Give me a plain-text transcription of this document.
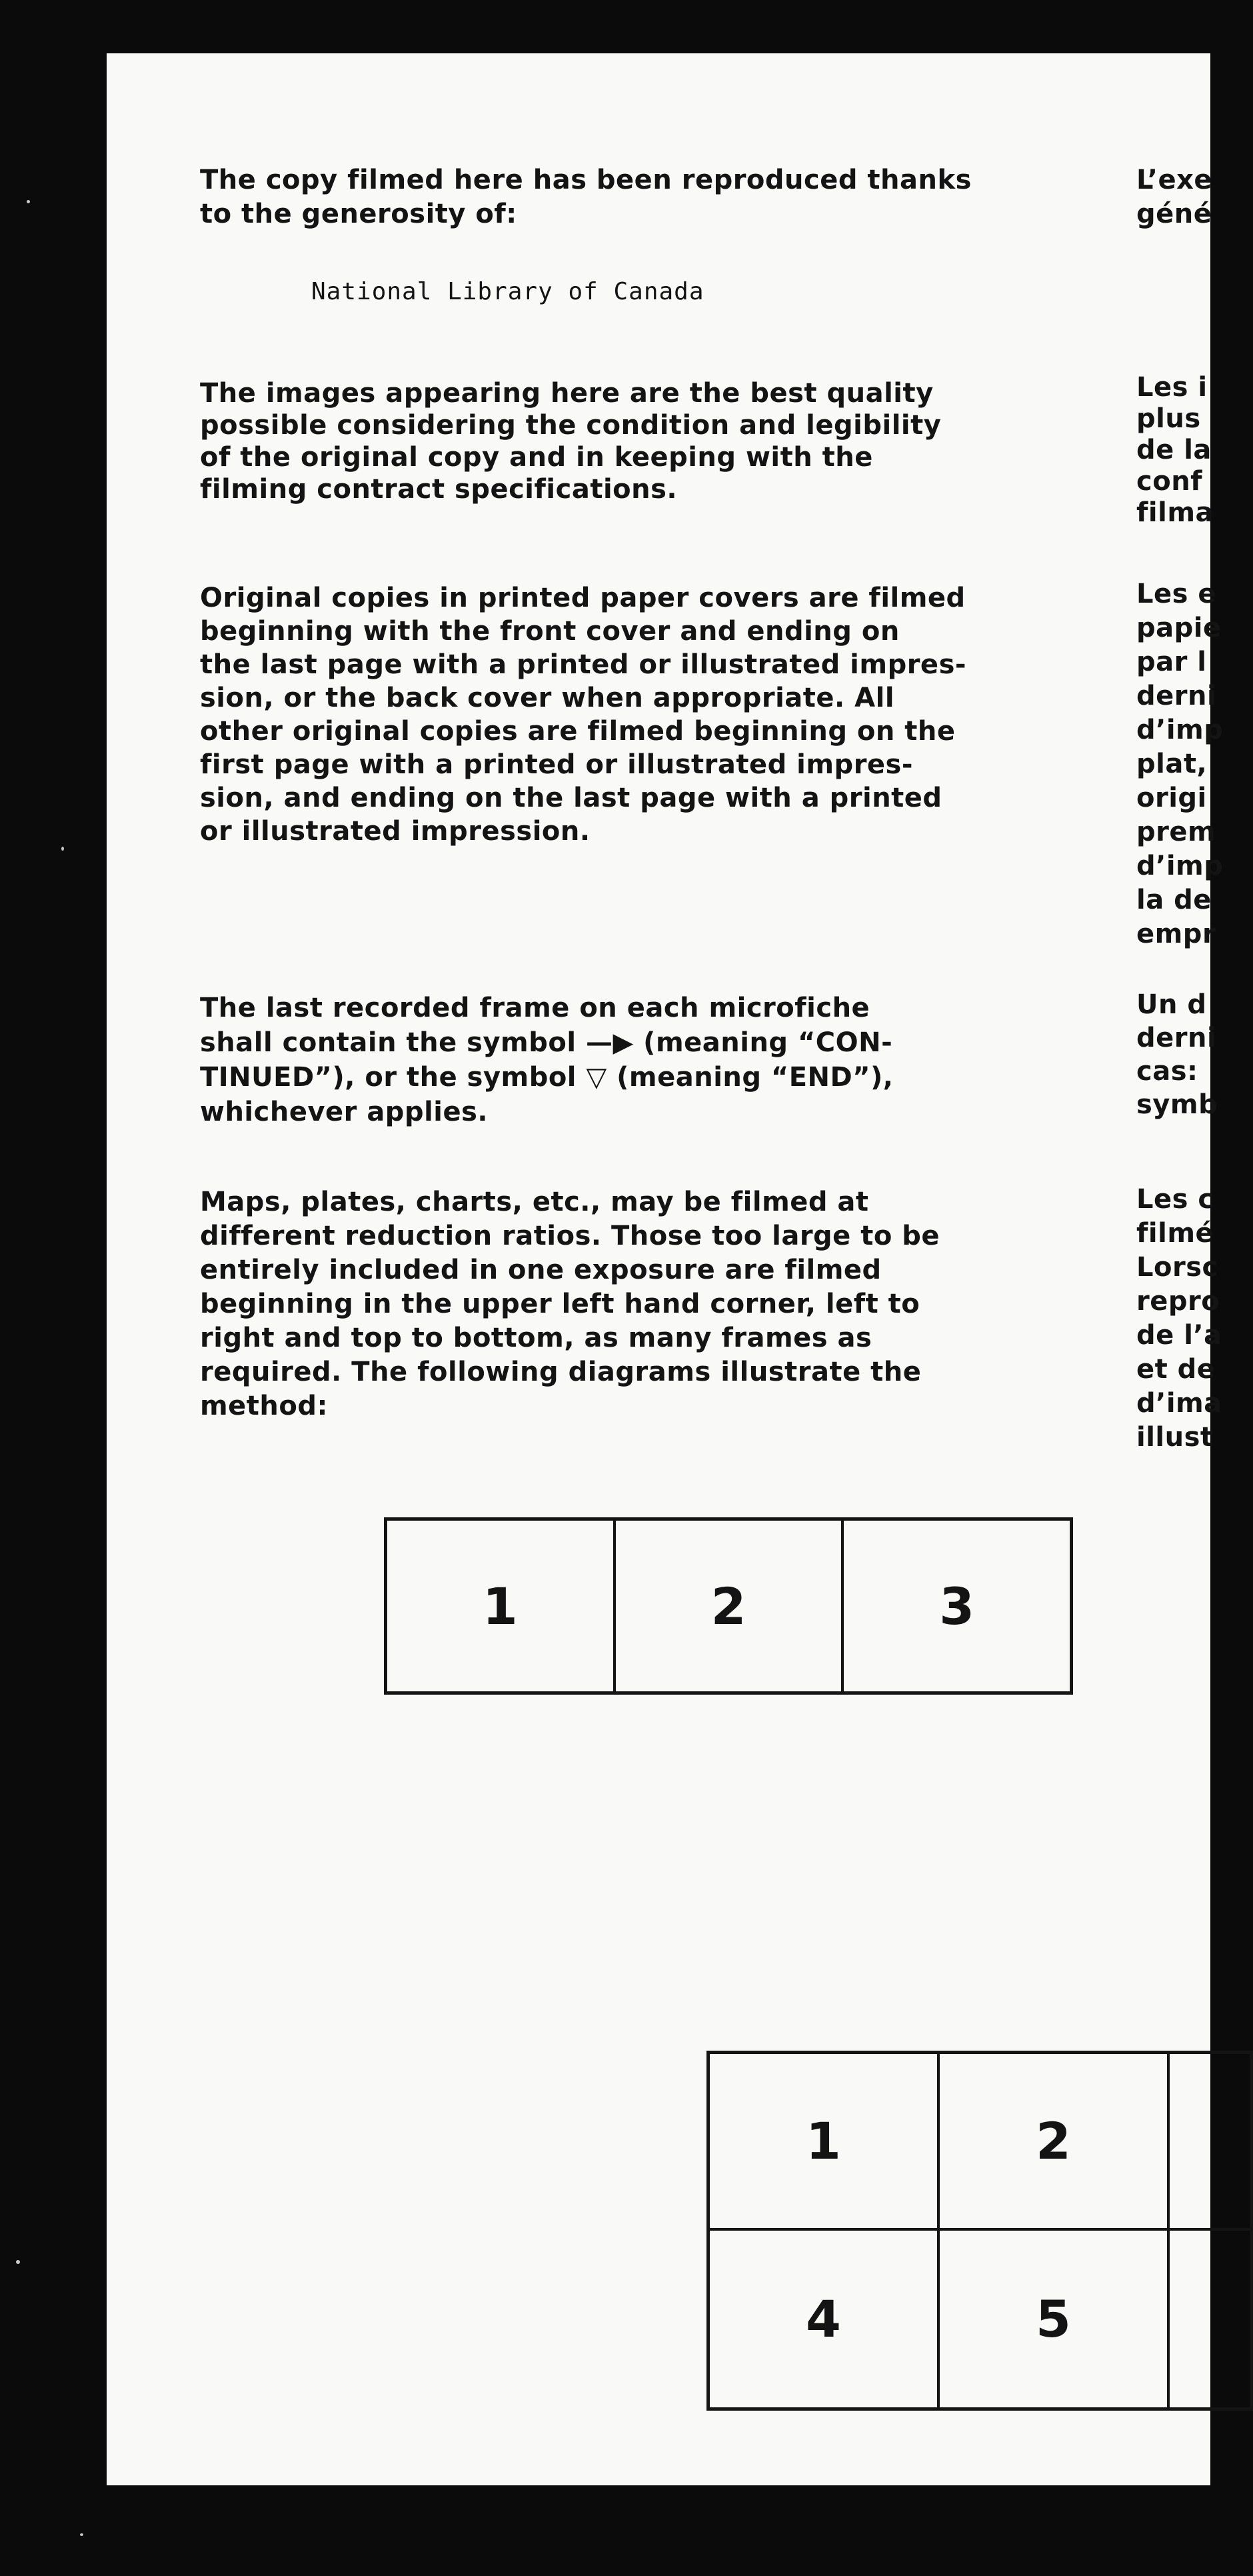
The copy filmed here has been reproduced thanks
to the generosity of:

National Library of Canada

The images appearing here are the best quality
possible considering the condition and legibility
of the original copy and in keeping with the
filming contract specifications.

Original copies in printed paper covers are filmed
beginning with the front cover and ending on
the last page with a printed or illustrated impres-
sion, or the back cover when appropriate. All
other original copies are filmed beginning on the
first page with a printed or illustrated impres-
sion, and ending on the last page with a printed
or illustrated impression.

The last recorded frame on each microfiche
shall contain the symbol —▶ (meaning “CON-
TINUED”), or the symbol ▽ (meaning “END”),
whichever applies.

Maps, plates, charts, etc., may be filmed at
different reduction ratios. Those too large to be
entirely included in one exposure are filmed
beginning in the upper left hand corner, left to
right and top to bottom, as many frames as
required. The following diagrams illustrate the
method:

L’exe
géné

Les i
plus
de la
conf
filma

Les e
papie
par l
derni
d’imp
plat,
origi
prem
d’imp
la de
empr

Un d
derni
cas:
symb

Les c
filmé
Lorsc
repro
de l’a
et de
d’ima
illust

1	2	3
1	2
4	5
